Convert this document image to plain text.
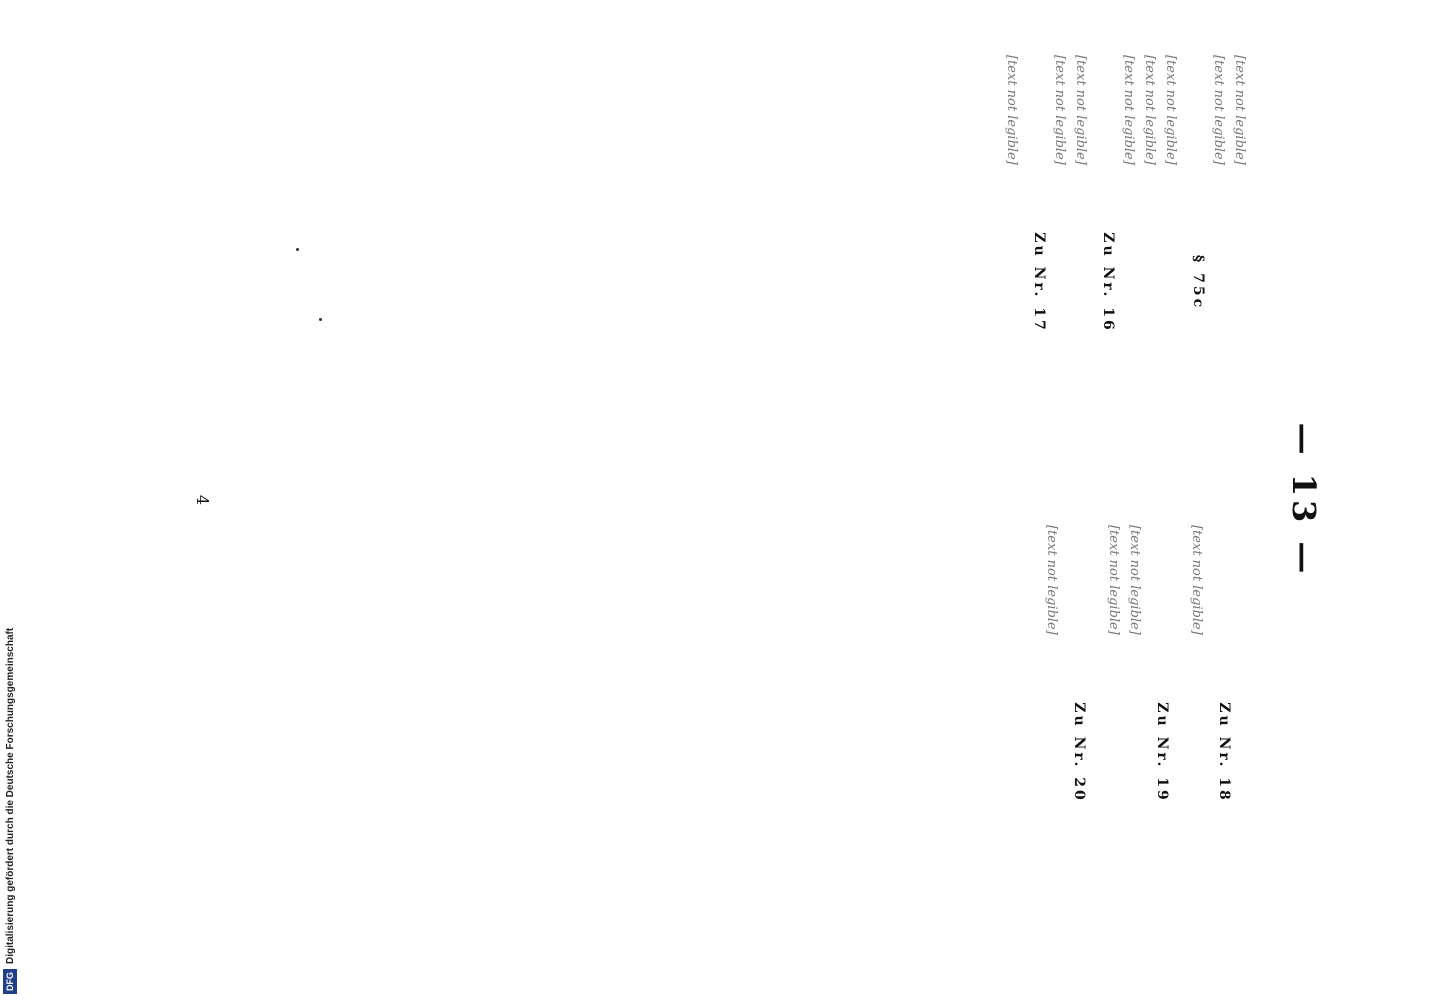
— 13 —

[text not legible]

[text not legible]

§ 75c

[text not legible]

[text not legible]

[text not legible]

Zu Nr. 16

[text not legible]

[text not legible]

Zu Nr. 17

[text not legible]

Zu Nr. 18

[text not legible]

Zu Nr. 19

[text not legible]

[text not legible]

Zu Nr. 20

[text not legible]

4
DFG
Digitalisierung gefördert durch die Deutsche Forschungsgemeinschaft
